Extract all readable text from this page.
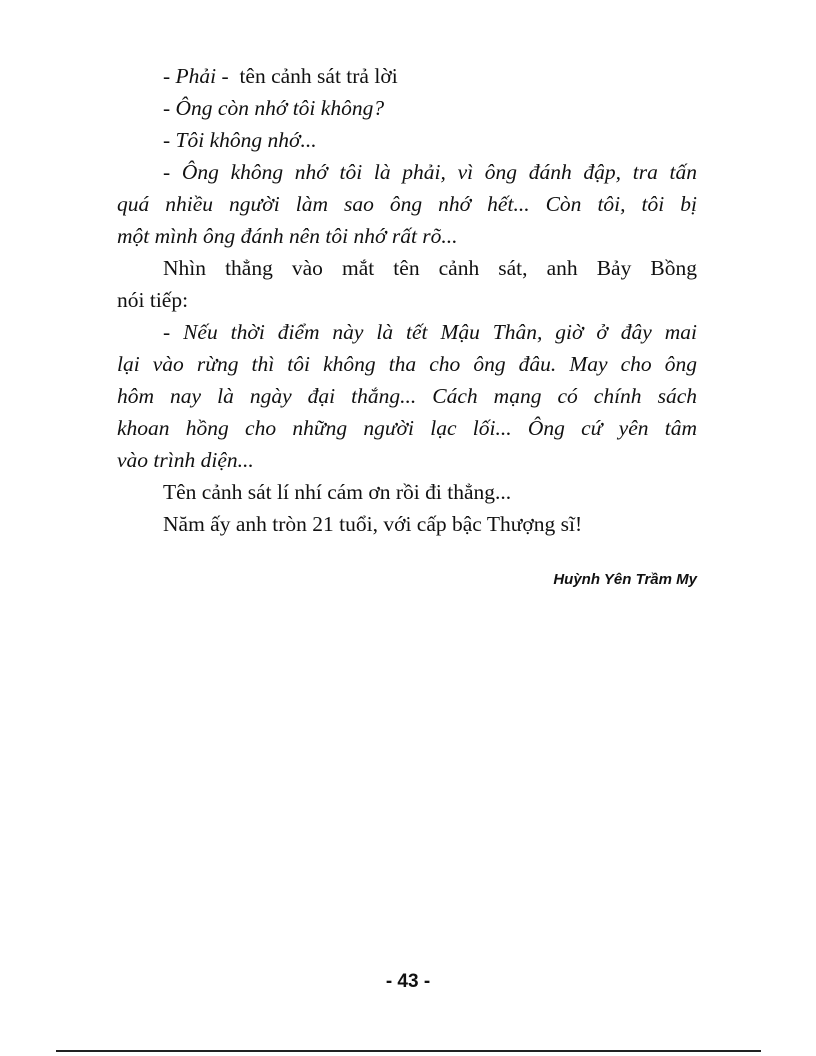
- Phải -  tên cảnh sát trả lời
- Ông còn nhớ tôi không?
- Tôi không nhớ...
- Ông không nhớ tôi là phải, vì ông đánh đập, tra tấn
quá nhiều người làm sao ông nhớ hết... Còn tôi, tôi bị
một mình ông đánh nên tôi nhớ rất rõ...
Nhìn thẳng vào mắt tên cảnh sát, anh Bảy Bồng
nói tiếp:
- Nếu thời điểm này là tết Mậu Thân, giờ ở đây mai
lại vào rừng thì tôi không tha cho ông đâu. May cho ông
hôm nay là ngày đại thắng... Cách mạng có chính sách
khoan hồng cho những người lạc lối... Ông cứ yên tâm
vào trình diện...
Tên cảnh sát lí nhí cám ơn rồi đi thẳng...
Năm ấy anh tròn 21 tuổi, với cấp bậc Thượng sĩ!
Huỳnh Yên Trầm My
- 43 -
